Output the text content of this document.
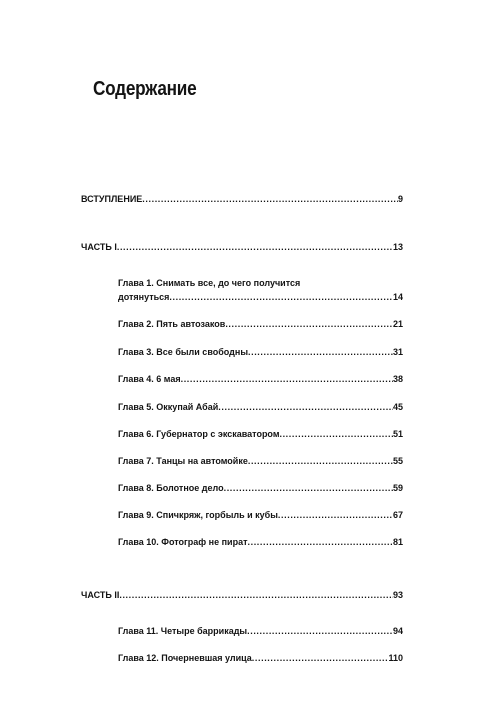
Содержание
ВСТУПЛЕНИЕ .....	9
ЧАСТЬ I .....	13
Глава 1. Снимать все, до чего получится
дотянуться .....	14
Глава 2. Пять автозаков .....	21
Глава 3. Все были свободны .....	31
Глава 4. 6 мая .....	38
Глава 5. Оккупай Абай .....	45
Глава 6. Губернатор с экскаватором .....	51
Глава 7. Танцы на автомойке .....	55
Глава 8. Болотное дело .....	59
Глава 9. Спичкряж, горбыль и кубы .....	67
Глава 10. Фотограф не пират .....	81
ЧАСТЬ II .....	93
Глава 11. Четыре баррикады .....	94
Глава 12. Почерневшая улица .....	110
